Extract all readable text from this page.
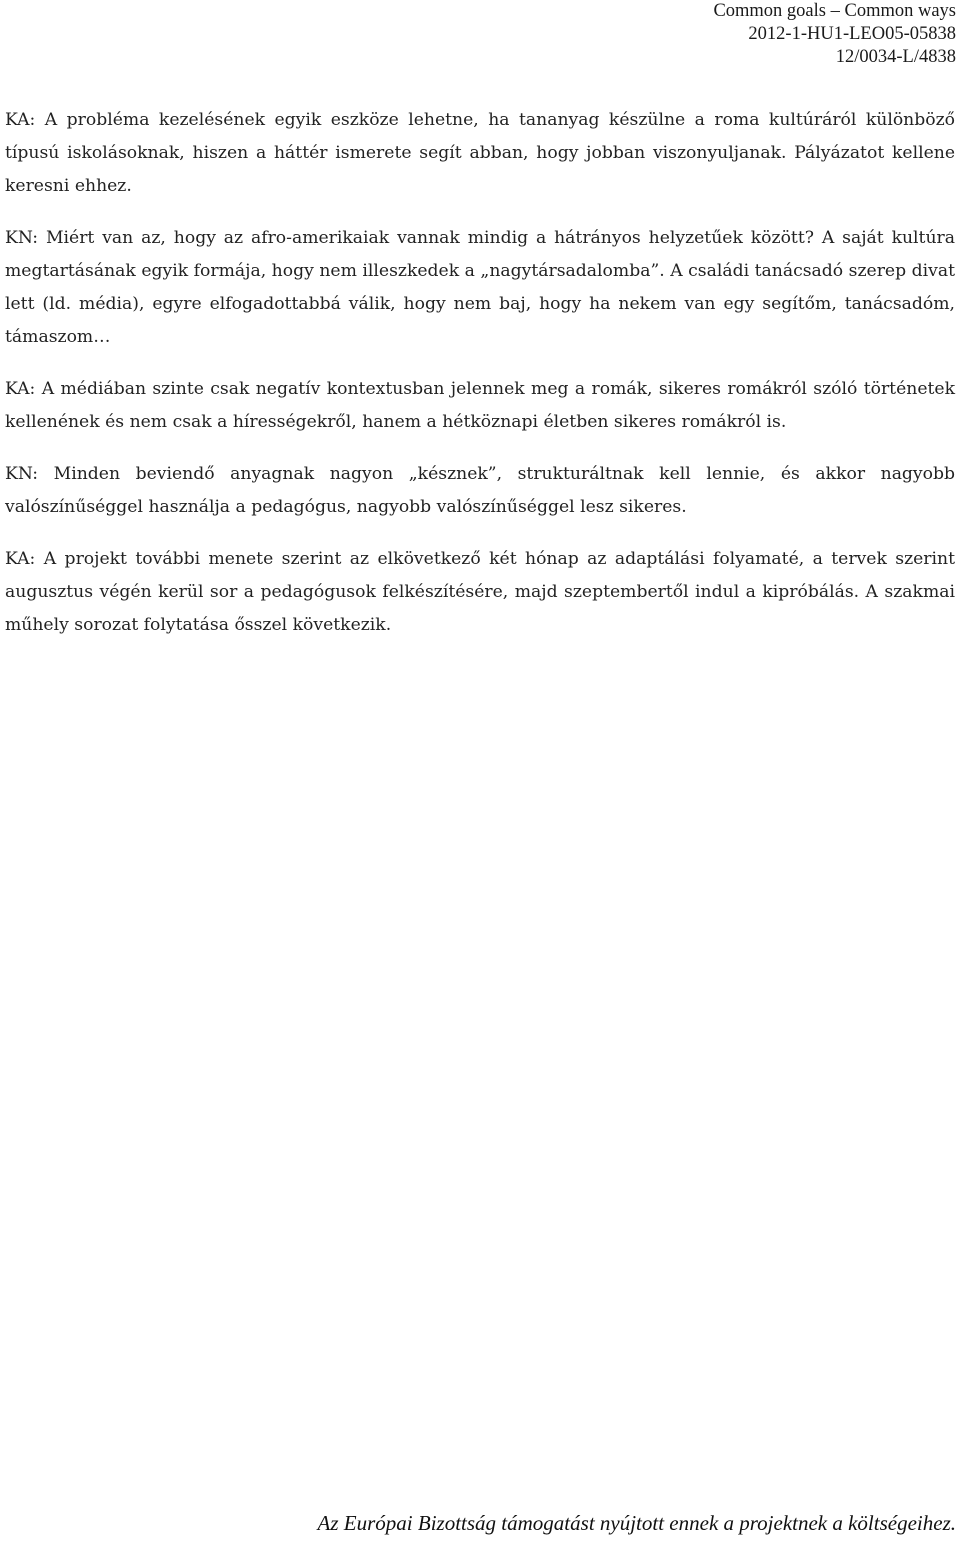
Common goals – Common ways
2012-1-HU1-LEO05-05838
12/0034-L/4838

KA: A probléma kezelésének egyik eszköze lehetne, ha tananyag készülne a roma kultúráról különböző típusú iskolásoknak, hiszen a háttér ismerete segít abban, hogy jobban viszonyuljanak. Pályázatot kellene keresni ehhez.

KN: Miért van az, hogy az afro-amerikaiak vannak mindig a hátrányos helyzetűek között? A saját kultúra megtartásának egyik formája, hogy nem illeszkedek a „nagytársadalomba”. A családi tanácsadó szerep divat lett (ld. média), egyre elfogadottabbá válik, hogy nem baj, hogy ha nekem van egy segítőm, tanácsadóm, támaszom…

KA: A médiában szinte csak negatív kontextusban jelennek meg a romák, sikeres romákról szóló történetek kellenének és nem csak a hírességekről, hanem a hétköznapi életben sikeres romákról is.

KN: Minden beviendő anyagnak nagyon „késznek”, strukturáltnak kell lennie, és akkor nagyobb valószínűséggel használja a pedagógus, nagyobb valószínűséggel lesz sikeres.

KA: A projekt további menete szerint az elkövetkező két hónap az adaptálási folyamaté, a tervek szerint augusztus végén kerül sor a pedagógusok felkészítésére, majd szeptembertől indul a kipróbálás. A szakmai műhely sorozat folytatása ősszel következik.

Az Európai Bizottság támogatást nyújtott ennek a projektnek a költségeihez.
